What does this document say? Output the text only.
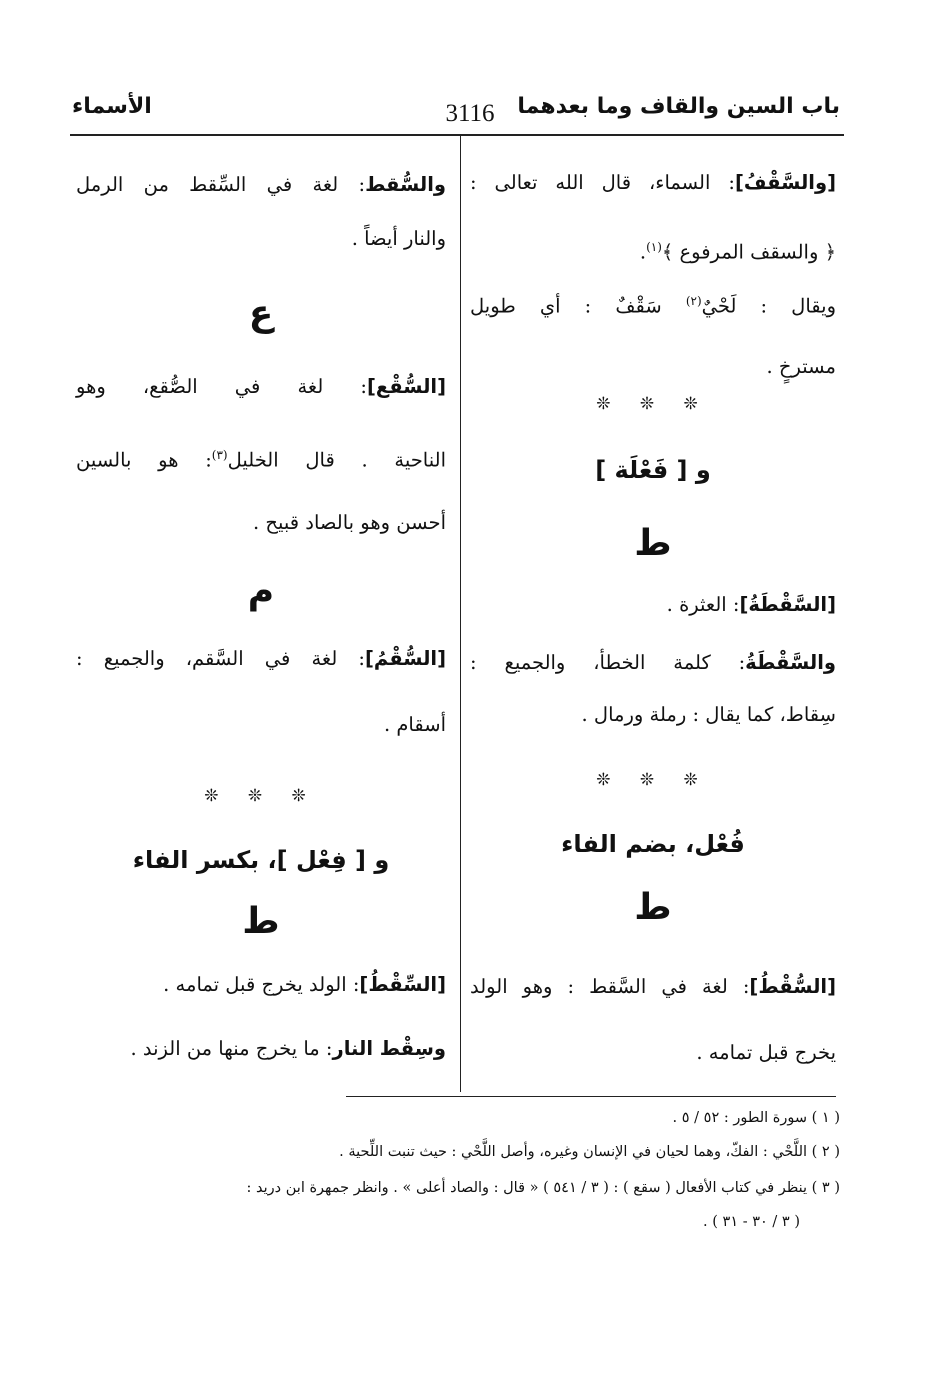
باب السين والقاف وما بعدهما
3116
الأسماء
[والسَّقْفُ]: السماء، قال الله تعالى :
﴿ والسقف المرفوع ﴾$^{(١)}$.
ويقال : لَحْيٌ$^{(٢)}$ سَقْفٌ : أي طويل
مسترخٍ .
❊ ❊ ❊
و [ فَعْلَة ]
ط
[السَّقْطَةُ]: العثرة .
والسَّقْطَةُ: كلمة الخطأ، والجميع :
سِقاط، كما يقال : رملة ورمال .
❊ ❊ ❊
فُعْل، بضم الفاء
ط
[السُّقْطُ]: لغة في السَّقط : وهو الولد
يخرج قبل تمامه .
والسُّقط: لغة في السِّقط من الرمل
والنار أيضاً .
ع
[السُّقْع]: لغة في الصُّقع، وهو
الناحية . قال الخليل$^{(٣)}$: هو بالسين
أحسن وهو بالصاد قبيح .
م
[السُّقْمُ]: لغة في السَّقم، والجميع :
أسقام .
❊ ❊ ❊
و [ فِعْل ]، بكسر الفاء
ط
[السِّقْطُ]: الولد يخرج قبل تمامه .
وسِقْط النار: ما يخرج منها من الزند .
( ١ ) سورة الطور : ٥٢ / ٥ .
( ٢ ) اللَّحْي : الفكّ، وهما لحيان في الإنسان وغيره، وأصل اللَّحْي : حيث تنبت اللِّحية .
( ٣ ) ينظر في كتاب الأفعال ( سقع ) : ( ٣ / ٥٤١ ) « قال : والصاد أعلى » . وانظر جمهرة ابن دريد :
( ٣ / ٣٠ - ٣١ ) .
